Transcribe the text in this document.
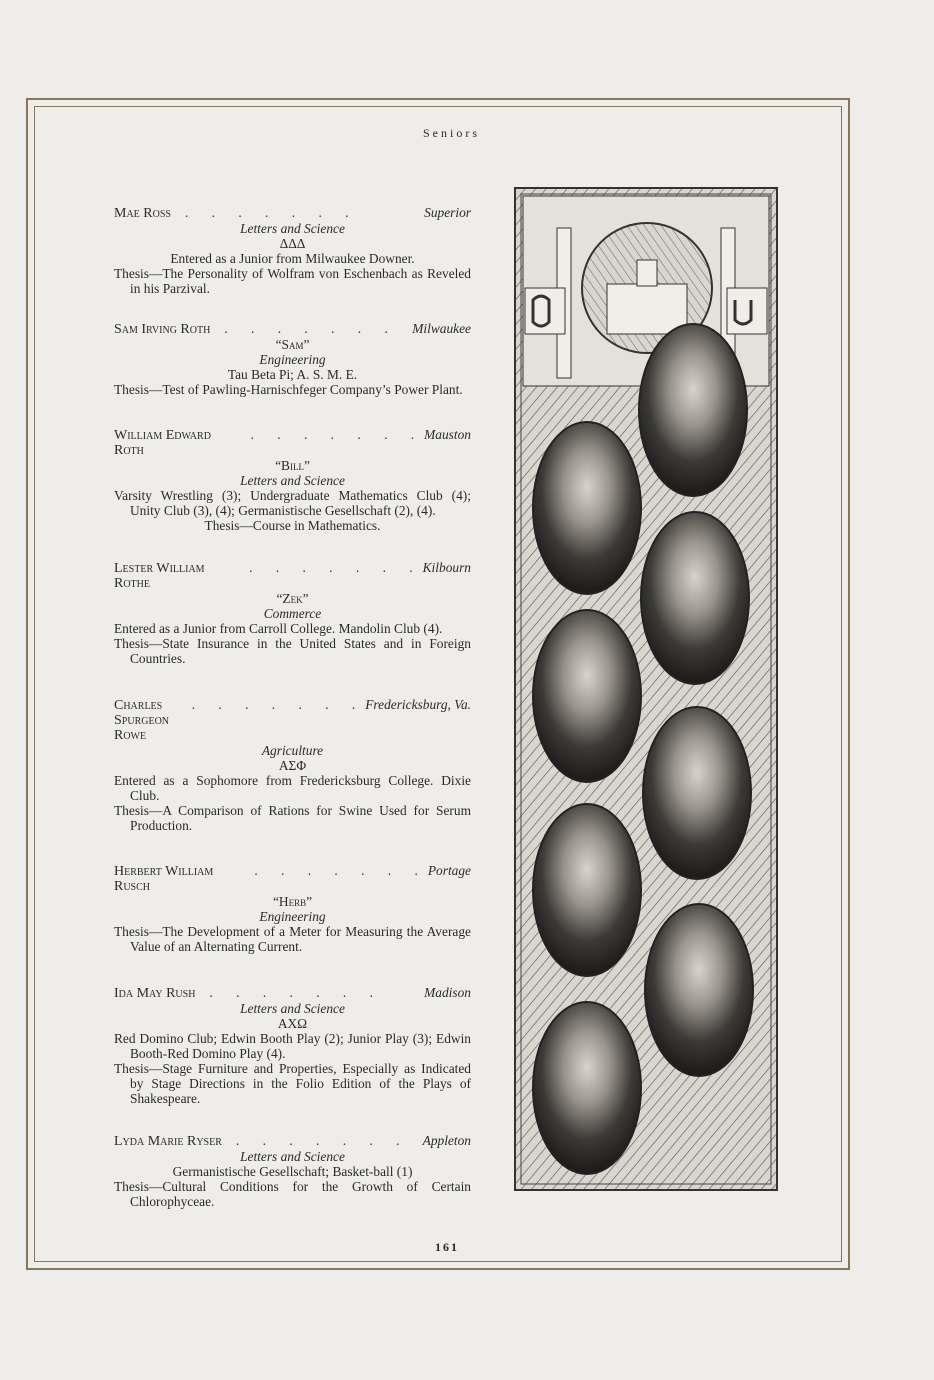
Seniors
Mae Ross	. . . . . . .	Superior
Letters and Science
ΔΔΔ
Entered as a Junior from Milwaukee Downer.
Thesis—The Personality of Wolfram von Eschenbach as Reveled in his Parzival.
Sam Irving Roth	. . . . . . .	Milwaukee
“Sam”
Engineering
Tau Beta Pi; A. S. M. E.
Thesis—Test of Pawling-Harnischfeger Company’s Power Plant.
William Edward Roth
. . . . . . . Mauston
“Bill”
Letters and Science
Varsity Wrestling (3); Undergraduate Mathematics Club (4); Unity Club (3), (4); Germanistische Gesellschaft (2), (4).
Thesis—Course in Mathematics.
Lester William Rothe
. . . . . . . Kilbourn
“Zek”
Commerce
Entered as a Junior from Carroll College. Mandolin Club (4).
Thesis—State Insurance in the United States and in Foreign Countries.
Charles Spurgeon Rowe
. . . . . . . Fredericksburg, Va.
Agriculture
ΑΣΦ
Entered as a Sophomore from Fredericksburg College. Dixie Club.
Thesis—A Comparison of Rations for Swine Used for Serum Production.
Herbert William Rusch
. . . . . . . Portage
“Herb”
Engineering
Thesis—The Development of a Meter for Measuring the Average Value of an Alternating Current.
Ida May Rush	. . . . . . .	Madison
Letters and Science
ΑΧΩ
Red Domino Club; Edwin Booth Play (2); Junior Play (3); Edwin Booth-Red Domino Play (4).
Thesis—Stage Furniture and Properties, Especially as Indicated by Stage Directions in the Folio Edition of the Plays of Shakespeare.
Lyda Marie Ryser	. . . . . . . Appleton
Letters and Science
Germanistische Gesellschaft; Basket-ball (1)
Thesis—Cultural Conditions for the Growth of Certain Chlorophyceae.
161
